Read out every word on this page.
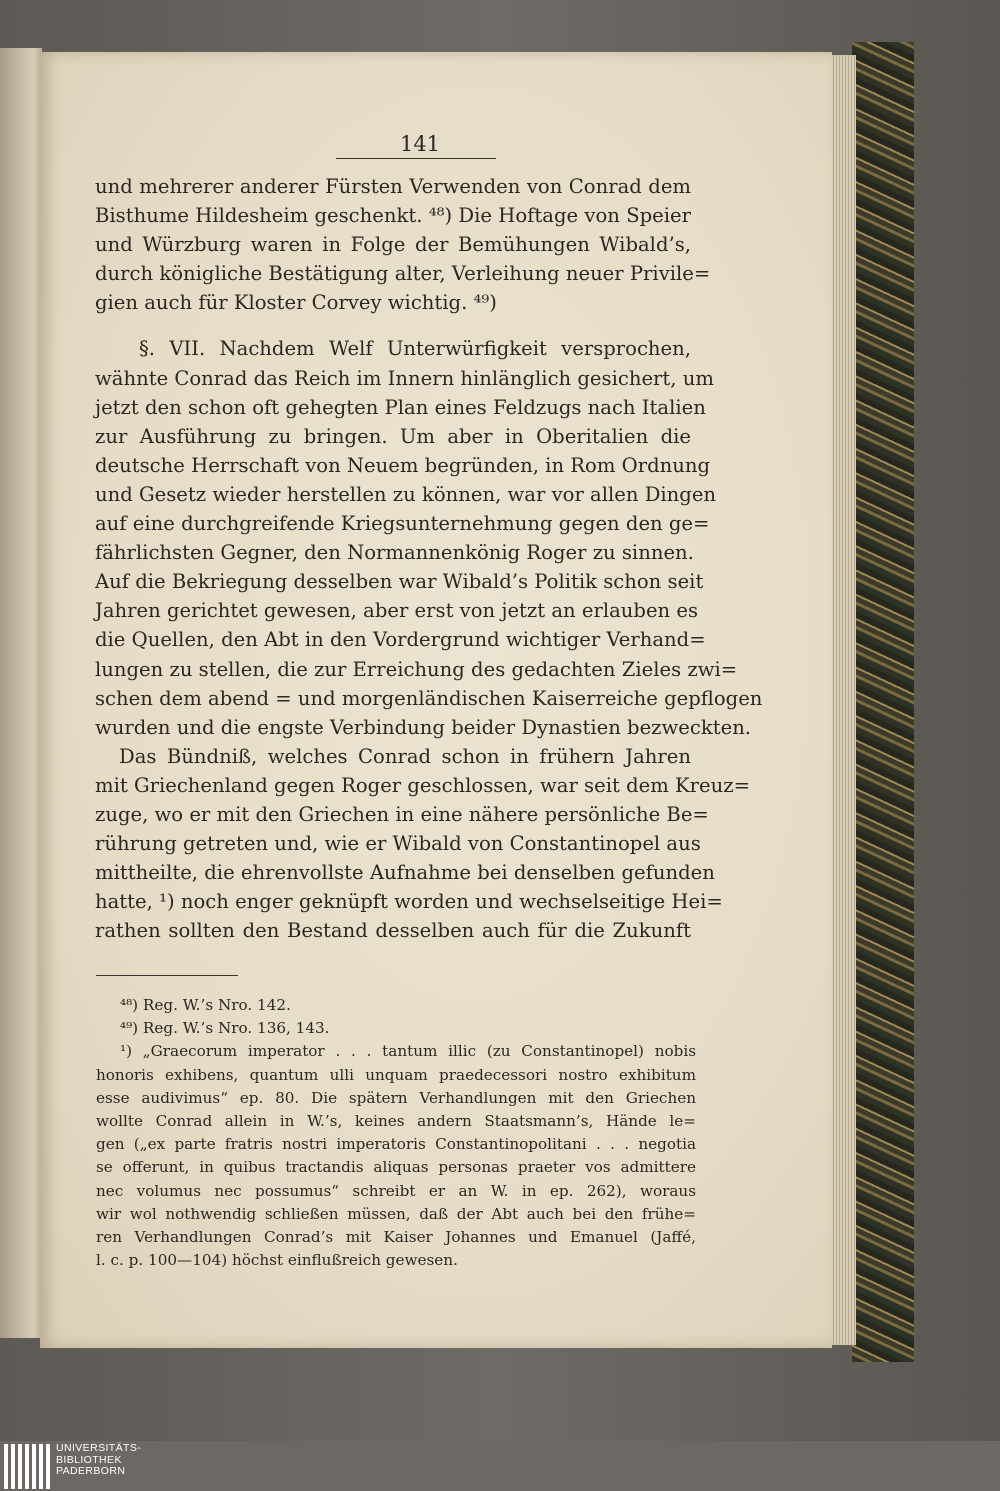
141
und mehrerer anderer Fürsten Verwenden von Conrad dem
Bisthume Hildesheim geschenkt. ⁴⁸) Die Hoftage von Speier
und Würzburg waren in Folge der Bemühungen Wibald’s,
durch königliche Bestätigung alter, Verleihung neuer Privile=
gien auch für Kloster Corvey wichtig. ⁴⁹)
§. VII. Nachdem Welf Unterwürfigkeit versprochen,
wähnte Conrad das Reich im Innern hinlänglich gesichert, um
jetzt den schon oft gehegten Plan eines Feldzugs nach Italien
zur Ausführung zu bringen. Um aber in Oberitalien die
deutsche Herrschaft von Neuem begründen, in Rom Ordnung
und Gesetz wieder herstellen zu können, war vor allen Dingen
auf eine durchgreifende Kriegsunternehmung gegen den ge=
fährlichsten Gegner, den Normannenkönig Roger zu sinnen.
Auf die Bekriegung desselben war Wibald’s Politik schon seit
Jahren gerichtet gewesen, aber erst von jetzt an erlauben es
die Quellen, den Abt in den Vordergrund wichtiger Verhand=
lungen zu stellen, die zur Erreichung des gedachten Zieles zwi=
schen dem abend = und morgenländischen Kaiserreiche gepflogen
wurden und die engste Verbindung beider Dynastien bezweckten.
Das Bündniß, welches Conrad schon in frühern Jahren
mit Griechenland gegen Roger geschlossen, war seit dem Kreuz=
zuge, wo er mit den Griechen in eine nähere persönliche Be=
rührung getreten und, wie er Wibald von Constantinopel aus
mittheilte, die ehrenvollste Aufnahme bei denselben gefunden
hatte, ¹) noch enger geknüpft worden und wechselseitige Hei=
rathen sollten den Bestand desselben auch für die Zukunft
⁴⁸) Reg. W.’s Nro. 142.
⁴⁹) Reg. W.’s Nro. 136, 143.
¹) „Graecorum imperator . . . tantum illic (zu Constantinopel) nobis
honoris exhibens, quantum ulli unquam praedecessori nostro exhibitum
esse audivimus“ ep. 80. Die spätern Verhandlungen mit den Griechen
wollte Conrad allein in W.’s, keines andern Staatsmann’s, Hände le=
gen („ex parte fratris nostri imperatoris Constantinopolitani . . . negotia
se offerunt, in quibus tractandis aliquas personas praeter vos admittere
nec volumus nec possumus“ schreibt er an W. in ep. 262), woraus
wir wol nothwendig schließen müssen, daß der Abt auch bei den frühe=
ren Verhandlungen Conrad’s mit Kaiser Johannes und Emanuel (Jaffé,
l. c. p. 100—104) höchst einflußreich gewesen.
UNIVERSITÄTS-
BIBLIOTHEK
PADERBORN
